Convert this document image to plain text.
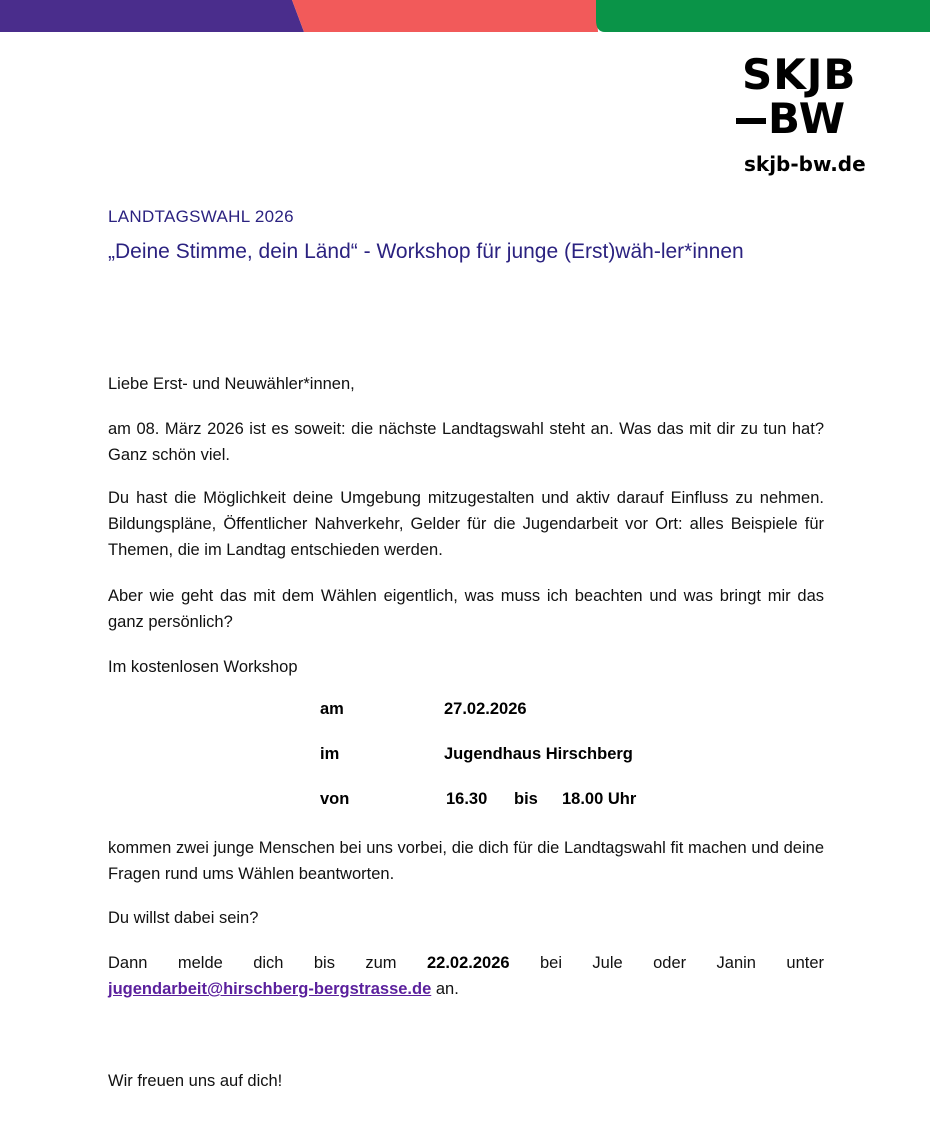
SKJB
BW
skjb-bw.de
LANDTAGSWAHL 2026
„Deine Stimme, dein Länd“ - Workshop für junge (Erst)wäh-ler*innen
Liebe Erst- und Neuwähler*innen,
am 08. März 2026 ist es soweit: die nächste Landtagswahl steht an. Was das mit dir zu tun hat? Ganz schön viel.
Du hast die Möglichkeit deine Umgebung mitzugestalten und aktiv darauf Einfluss zu nehmen. Bildungspläne, Öffentlicher Nahverkehr, Gelder für die Jugendarbeit vor Ort: alles Beispiele für Themen, die im Landtag entschieden werden.
Aber wie geht das mit dem Wählen eigentlich, was muss ich beachten und was bringt mir das ganz persönlich?
Im kostenlosen Workshop
am	27.02.2026
im	Jugendhaus Hirschberg
von	16.30 bis 18.00 Uhr
kommen zwei junge Menschen bei uns vorbei, die dich für die Landtagswahl fit machen und deine Fragen rund ums Wählen beantworten.
Du willst dabei sein?
Dann melde dich bis zum 22.02.2026 bei Jule oder Janin unter
jugendarbeit@hirschberg-bergstrasse.de an.
Wir freuen uns auf dich!
